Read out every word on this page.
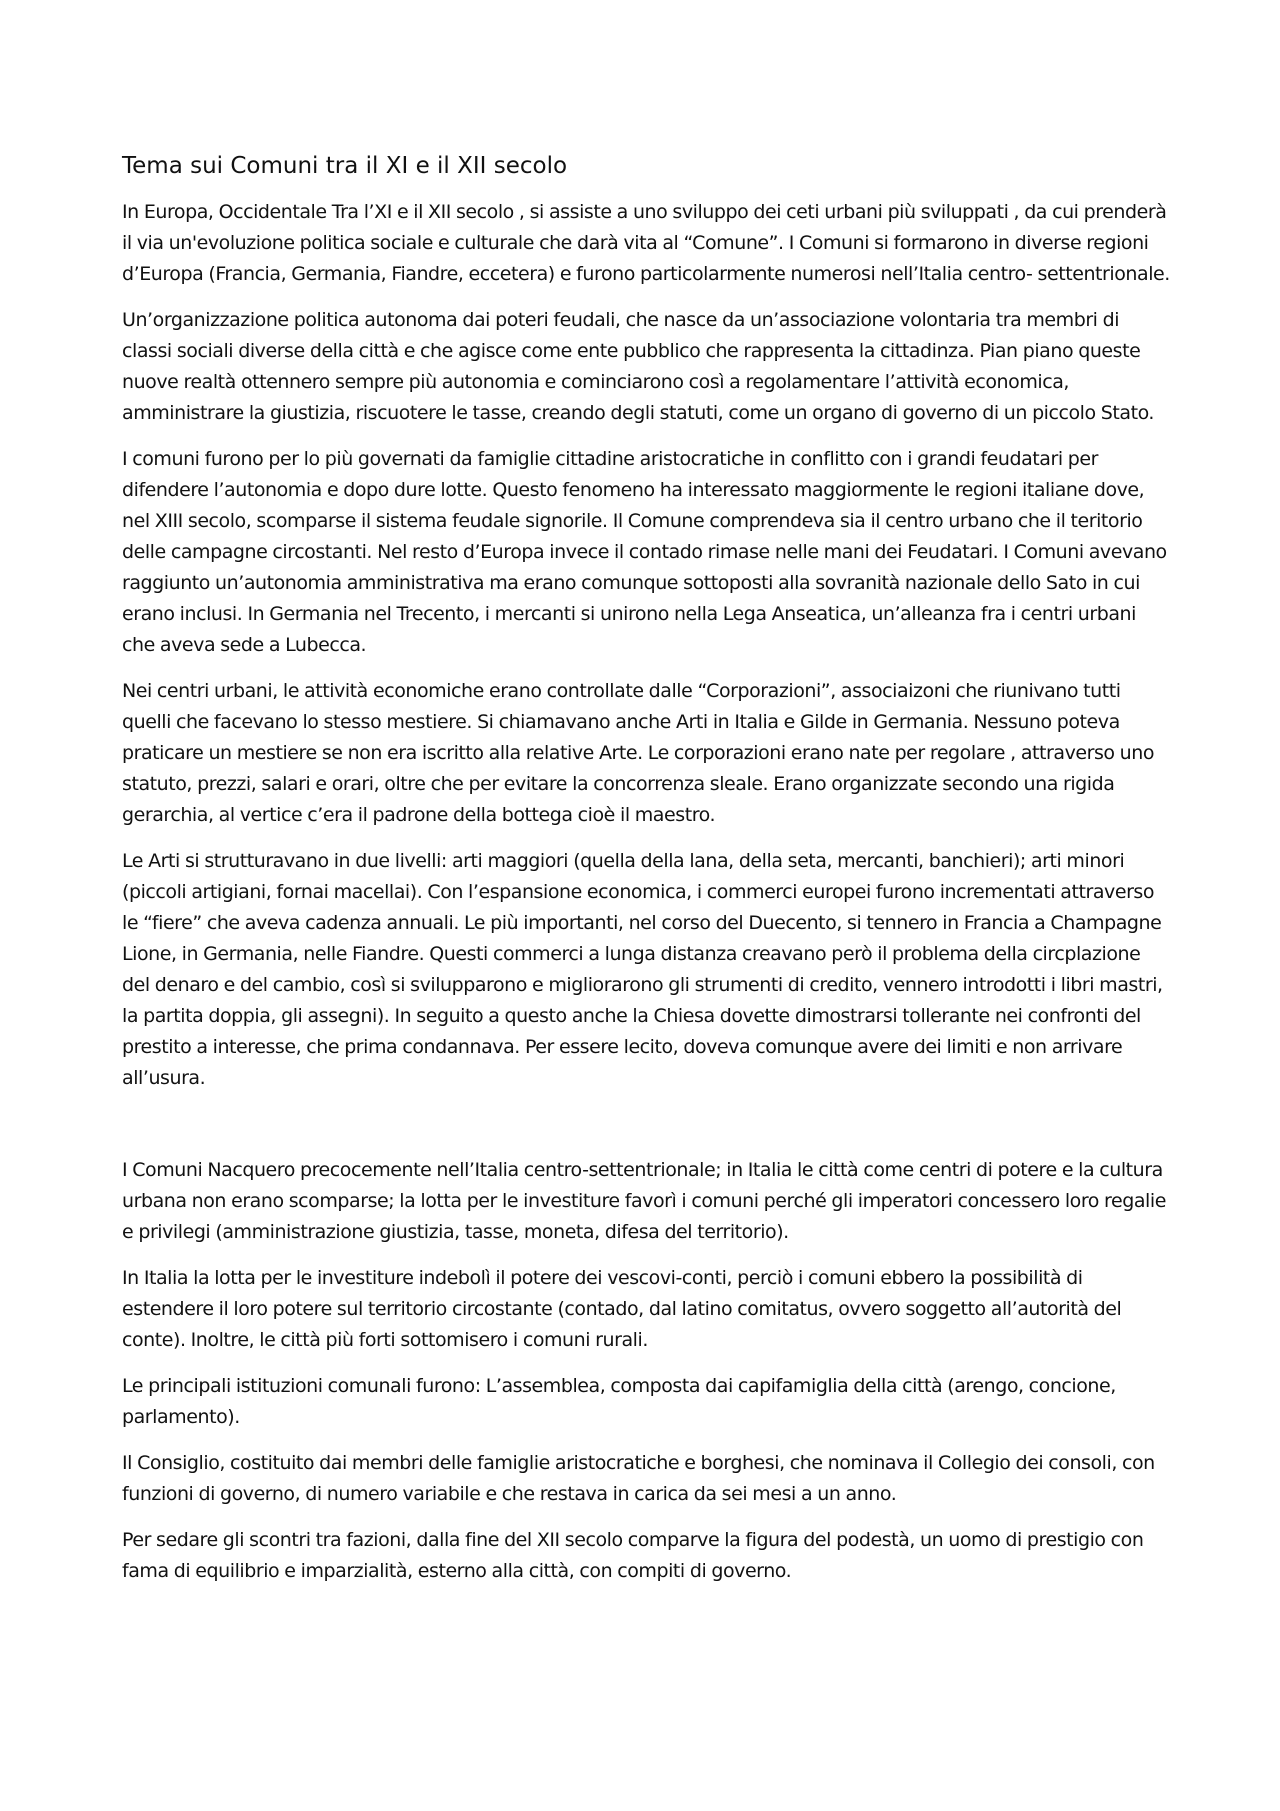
Tema sui Comuni tra il XI e il XII secolo

In Europa, Occidentale Tra l’XI e il XII secolo , si assiste a uno sviluppo dei ceti urbani più sviluppati , da cui prenderà il via un'evoluzione politica sociale e culturale che darà vita al “Comune”. I Comuni si formarono in diverse regioni d’Europa (Francia, Germania, Fiandre, eccetera) e furono particolarmente numerosi nell’Italia centro- settentrionale.

Un’organizzazione politica autonoma dai poteri feudali, che nasce da un’associazione volontaria tra membri di classi sociali diverse della città e che agisce come ente pubblico che rappresenta la cittadinza. Pian piano queste nuove realtà ottennero sempre più autonomia e cominciarono così a regolamentare l’attività economica, amministrare la giustizia, riscuotere le tasse, creando degli statuti, come un organo di governo di un piccolo Stato.

I comuni furono per lo più governati da famiglie cittadine aristocratiche in conflitto con i grandi feudatari per difendere l’autonomia e dopo dure lotte. Questo fenomeno ha interessato maggiormente le regioni italiane dove, nel XIII secolo, scomparse il sistema feudale signorile. Il Comune comprendeva sia il centro urbano che il teritorio delle campagne circostanti. Nel resto d’Europa invece il contado rimase nelle mani dei Feudatari. I Comuni avevano raggiunto un’autonomia amministrativa ma erano comunque sottoposti alla sovranità nazionale dello Sato in cui erano inclusi. In Germania nel Trecento, i mercanti si unirono nella Lega Anseatica, un’alleanza fra i centri urbani che aveva sede a Lubecca.

Nei centri urbani, le attività economiche erano controllate dalle “Corporazioni”, associaizoni che riunivano tutti quelli che facevano lo stesso mestiere. Si chiamavano anche Arti in Italia e Gilde in Germania. Nessuno poteva praticare un mestiere se non era iscritto alla relative Arte. Le corporazioni erano nate per regolare , attraverso uno statuto, prezzi, salari e orari, oltre che per evitare la concorrenza sleale. Erano organizzate secondo una rigida gerarchia, al vertice c’era il padrone della bottega cioè il maestro.

Le Arti si strutturavano in due livelli: arti maggiori (quella della lana, della seta, mercanti, banchieri); arti minori (piccoli artigiani, fornai macellai). Con l’espansione economica, i commerci europei furono incrementati attraverso le “fiere” che aveva cadenza annuali. Le più importanti, nel corso del Duecento, si tennero in Francia a Champagne Lione, in Germania, nelle Fiandre. Questi commerci a lunga distanza creavano però il problema della circplazione del denaro e del cambio, così si svilupparono e migliorarono gli strumenti di credito, vennero introdotti i libri mastri, la partita doppia, gli assegni). In seguito a questo anche la Chiesa dovette dimostrarsi tollerante nei confronti del prestito a interesse, che prima condannava. Per essere lecito, doveva comunque avere dei limiti e non arrivare all’usura.

I Comuni Nacquero precocemente nell’Italia centro-settentrionale; in Italia le città come centri di potere e la cultura urbana non erano scomparse; la lotta per le investiture favorì i comuni perché gli imperatori concessero loro regalie e privilegi (amministrazione giustizia, tasse, moneta, difesa del territorio).

In Italia la lotta per le investiture indebolì il potere dei vescovi-conti, perciò i comuni ebbero la possibilità di estendere il loro potere sul territorio circostante (contado, dal latino comitatus, ovvero soggetto all’autorità del conte). Inoltre, le città più forti sottomisero i comuni rurali.

Le principali istituzioni comunali furono: L’assemblea, composta dai capifamiglia della città (arengo, concione, parlamento).

Il Consiglio, costituito dai membri delle famiglie aristocratiche e borghesi, che nominava il Collegio dei consoli, con funzioni di governo, di numero variabile e che restava in carica da sei mesi a un anno.

Per sedare gli scontri tra fazioni, dalla fine del XII secolo comparve la figura del podestà, un uomo di prestigio con fama di equilibrio e imparzialità, esterno alla città, con compiti di governo.
